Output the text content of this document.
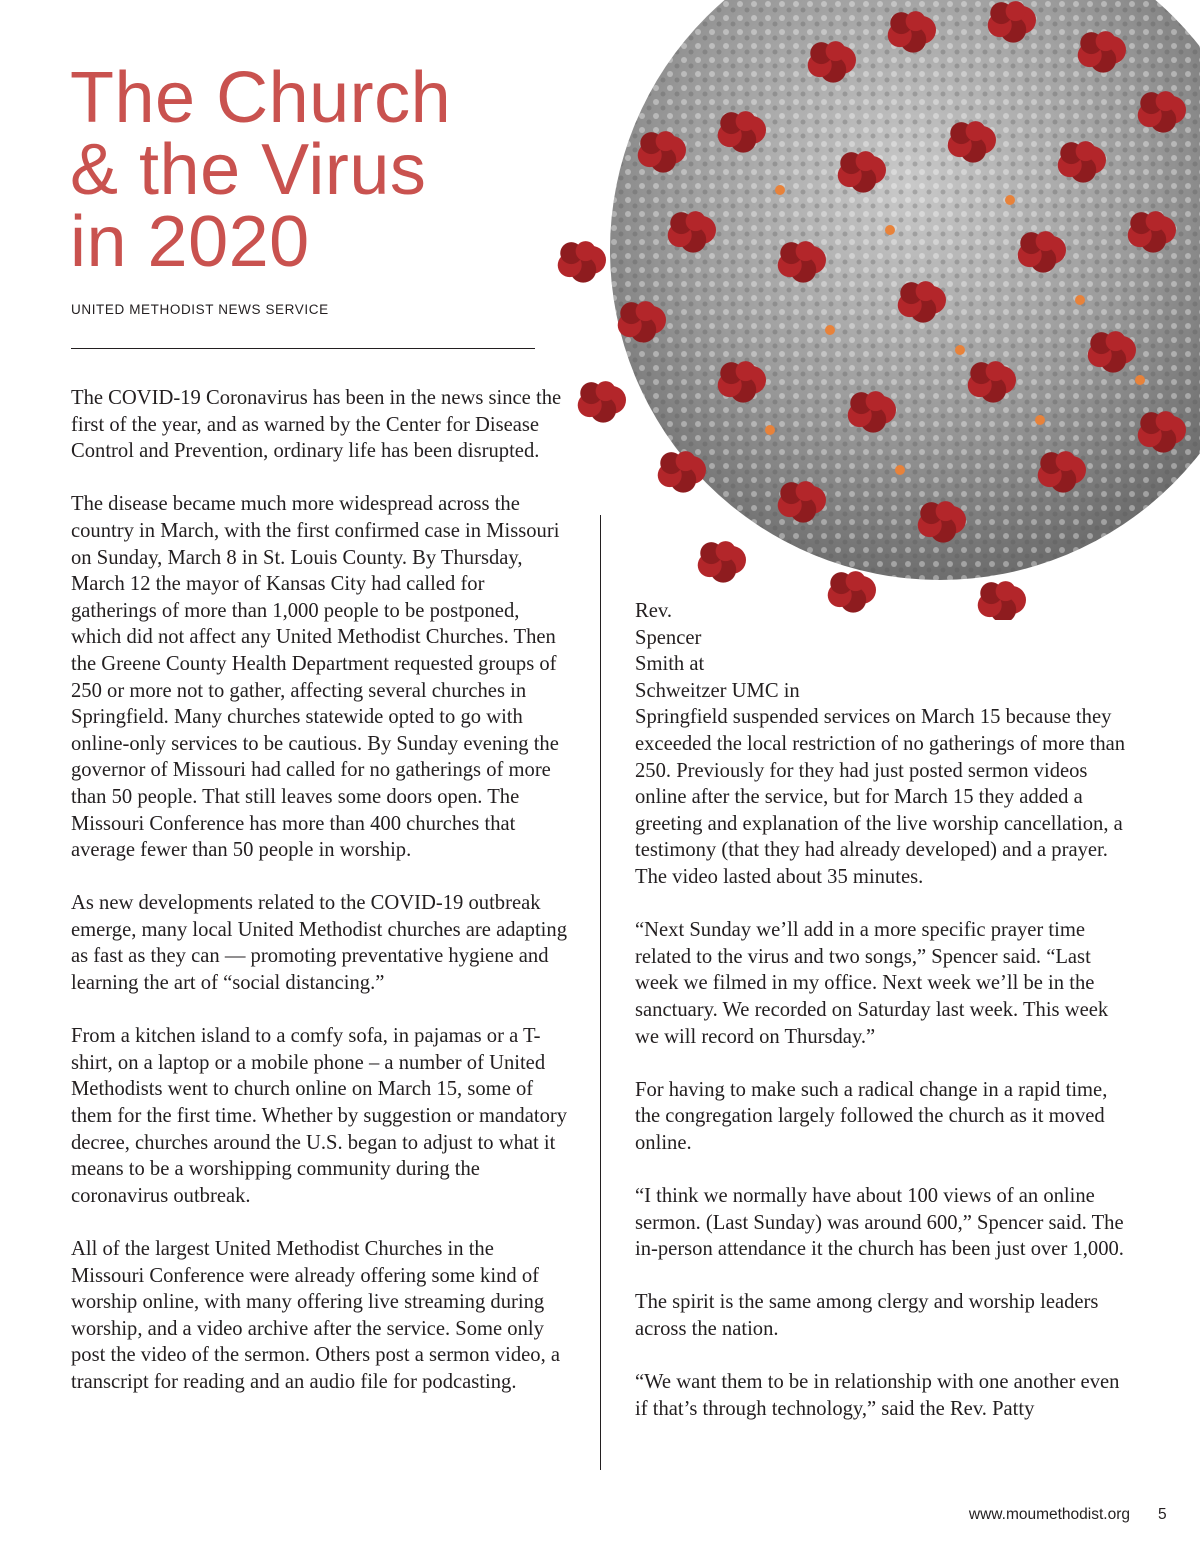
The Church
& the Virus
in 2020
UNITED METHODIST NEWS SERVICE

The COVID-19 Coronavirus has been in the news since the first of the year, and as warned by the Center for Disease Control and Prevention, ordinary life has been disrupted.

The disease became much more widespread across the country in March, with the first confirmed case in Missouri on Sunday, March 8 in St. Louis County. By Thursday, March 12 the mayor of Kansas City had called for gatherings of more than 1,000 people to be postponed, which did not affect any United Methodist Churches. Then the Greene County Health Department requested groups of 250 or more not to gather, affecting several churches in Springfield. Many churches statewide opted to go with online-only services to be cautious. By Sunday evening the governor of Missouri had called for no gatherings of more than 50 people. That still leaves some doors open. The Missouri Conference has more than 400 churches that average fewer than 50 people in worship.

As new developments related to the COVID-19 outbreak emerge, many local United Methodist churches are adapting as fast as they can — promoting preventative hygiene and learning the art of “social distancing.”

From a kitchen island to a comfy sofa, in pajamas or a T-shirt, on a laptop or a mobile phone – a number of United Methodists went to church online on March 15, some of them for the first time. Whether by suggestion or mandatory decree, churches around the U.S. began to adjust to what it means to be a worshipping community during the coronavirus outbreak.

All of the largest United Methodist Churches in the Missouri Conference were already offering some kind of worship online, with many offering live streaming during worship, and a video archive after the service. Some only post the video of the sermon. Others post a sermon video, a transcript for reading and an audio file for podcasting.

Rev.
Spencer
Smith at
Schweitzer UMC in
Springfield suspended services on March 15 because they exceeded the local restriction of no gatherings of more than 250. Previously for they had just posted sermon videos online after the service, but for March 15 they added a greeting and explanation of the live worship cancellation, a testimony (that they had already developed) and a prayer. The video lasted about 35 minutes.

“Next Sunday we’ll add in a more specific prayer time related to the virus and two songs,” Spencer said. “Last week we filmed in my office. Next week we’ll be in the sanctuary. We recorded on Saturday last week. This week we will record on Thursday.”

For having to make such a radical change in a rapid time, the congregation largely followed the church as it moved online.

“I think we normally have about 100 views of an online sermon. (Last Sunday) was around 600,” Spencer said. The in-person attendance it the church has been just over 1,000.

The spirit is the same among clergy and worship leaders across the nation.

“We want them to be in relationship with one another even if that’s through technology,” said the Rev. Patty

www.moumethodist.org 5
